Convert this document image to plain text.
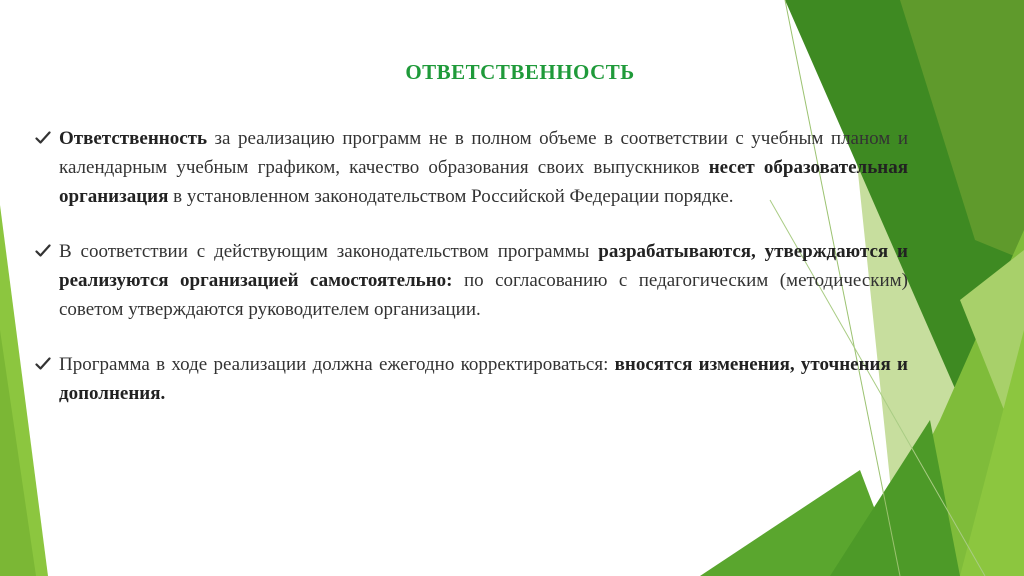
ОТВЕТСТВЕННОСТЬ
Ответственность за реализацию программ не в полном объеме в соответствии с учебным планом и календарным учебным графиком, качество образования своих выпускников несет образовательная организация в установленном законодательством Российской Федерации порядке.
В соответствии с действующим законодательством программы разрабатываются, утверждаются и реализуются организацией самостоятельно: по согласованию с педагогическим (методическим) советом утверждаются руководителем организации.
Программа в ходе реализации должна ежегодно корректироваться: вносятся изменения, уточнения и дополнения.
